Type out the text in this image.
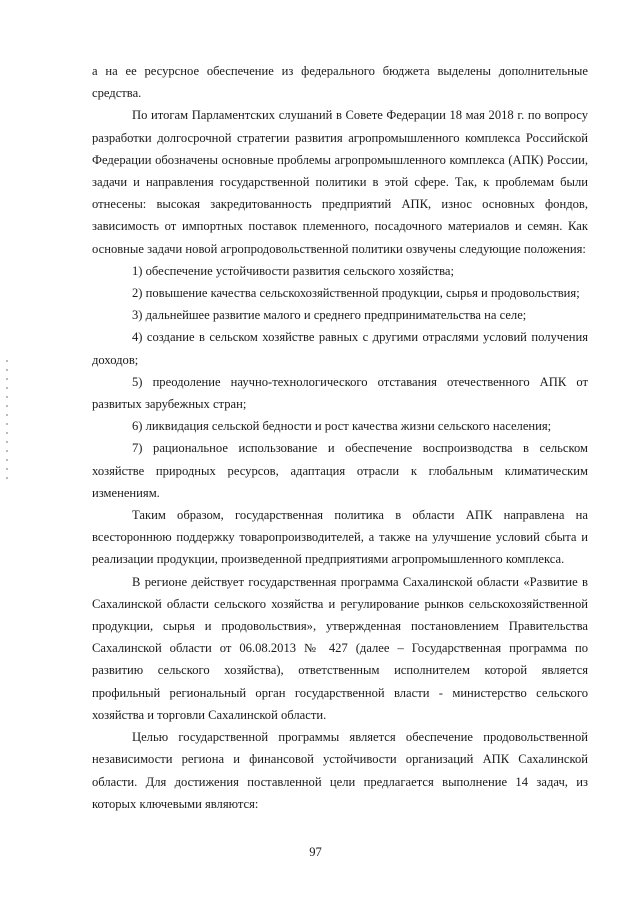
а на ее ресурсное обеспечение из федерального бюджета выделены дополнительные средства.

По итогам Парламентских слушаний в Совете Федерации 18 мая 2018 г. по вопросу разработки долгосрочной стратегии развития агропромышленного комплекса Российской Федерации обозначены основные проблемы агропромышленного комплекса (АПК) России, задачи и направления государственной политики в этой сфере. Так, к проблемам были отнесены: высокая закредитованность предприятий АПК, износ основных фондов, зависимость от импортных поставок племенного, посадочного материалов и семян. Как основные задачи новой агропродовольственной политики озвучены следующие положения:

1) обеспечение устойчивости развития сельского хозяйства;

2) повышение качества сельскохозяйственной продукции, сырья и продовольствия;

3) дальнейшее развитие малого и среднего предпринимательства на селе;

4) создание в сельском хозяйстве равных с другими отраслями условий получения доходов;

5) преодоление научно-технологического отставания отечественного АПК от развитых зарубежных стран;

6) ликвидация сельской бедности и рост качества жизни сельского населения;

7) рациональное использование и обеспечение воспроизводства в сельском хозяйстве природных ресурсов, адаптация отрасли к глобальным климатическим изменениям.

Таким образом, государственная политика в области АПК направлена на всестороннюю поддержку товаропроизводителей, а также на улучшение условий сбыта и реализации продукции, произведенной предприятиями агропромышленного комплекса.

В регионе действует государственная программа Сахалинской области «Развитие в Сахалинской области сельского хозяйства и регулирование рынков сельскохозяйственной продукции, сырья и продовольствия», утвержденная постановлением Правительства Сахалинской области от 06.08.2013 № 427 (далее – Государственная программа по развитию сельского хозяйства), ответственным исполнителем которой является профильный региональный орган государственной власти - министерство сельского хозяйства и торговли Сахалинской области.

Целью государственной программы является обеспечение продовольственной независимости региона и финансовой устойчивости организаций АПК Сахалинской области. Для достижения поставленной цели предлагается выполнение 14 задач, из которых ключевыми являются:

97
